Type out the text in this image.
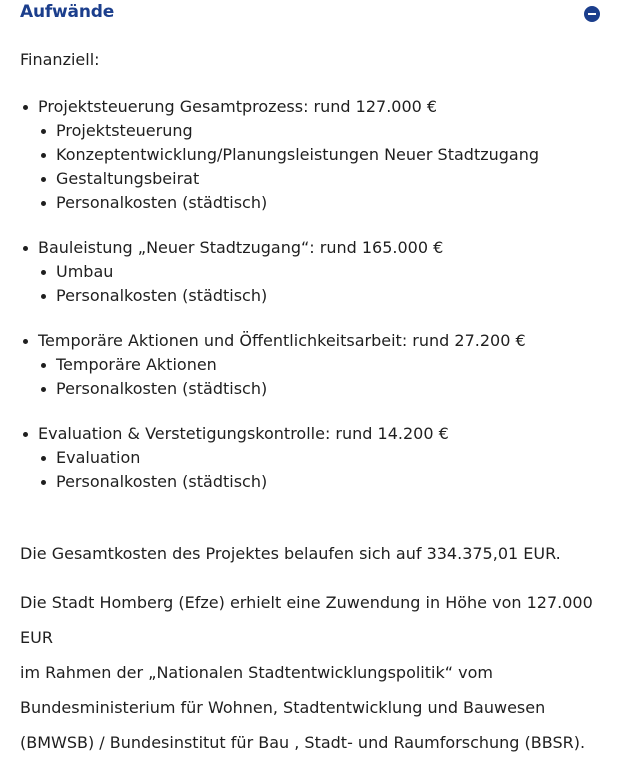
Aufwände

Finanziell:

Projektsteuerung Gesamtprozess: rund 127.000 €
Projektsteuerung
Konzeptentwicklung/Planungsleistungen Neuer Stadtzugang
Gestaltungsbeirat
Personalkosten (städtisch)
Bauleistung „Neuer Stadtzugang“: rund 165.000 €
Umbau
Personalkosten (städtisch)
Temporäre Aktionen und Öffentlichkeitsarbeit: rund 27.200 €
Temporäre Aktionen
Personalkosten (städtisch)
Evaluation & Verstetigungskontrolle: rund 14.200 €
Evaluation
Personalkosten (städtisch)

Die Gesamtkosten des Projektes belaufen sich auf 334.375,01 EUR.

Die Stadt Homberg (Efze) erhielt eine Zuwendung in Höhe von 127.000 EUR
im Rahmen der „Nationalen Stadtentwicklungspolitik“ vom
Bundesministerium für Wohnen, Stadtentwicklung und Bauwesen
(BMWSB) / Bundesinstitut für Bau , Stadt- und Raumforschung (BBSR).
